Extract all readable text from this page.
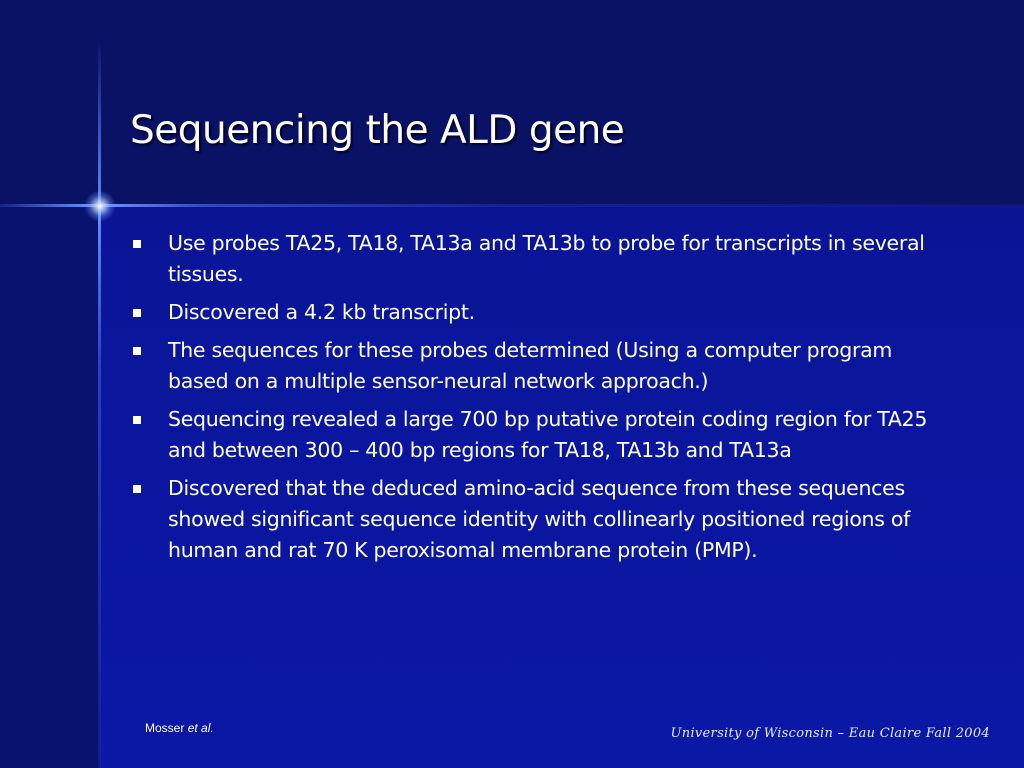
Sequencing the ALD gene
Use probes TA25, TA18, TA13a and TA13b to probe for transcripts in several tissues.
Discovered a 4.2 kb transcript.
The sequences for these probes determined (Using a computer program based on a multiple sensor-neural network approach.)
Sequencing revealed a large 700 bp putative protein coding region for TA25 and between 300 – 400 bp regions for TA18, TA13b and TA13a
Discovered that the deduced amino-acid sequence from these sequences showed significant sequence identity with collinearly positioned regions of human and rat 70 K peroxisomal membrane protein (PMP).
Mosser et al.	University of Wisconsin – Eau Claire Fall 2004
